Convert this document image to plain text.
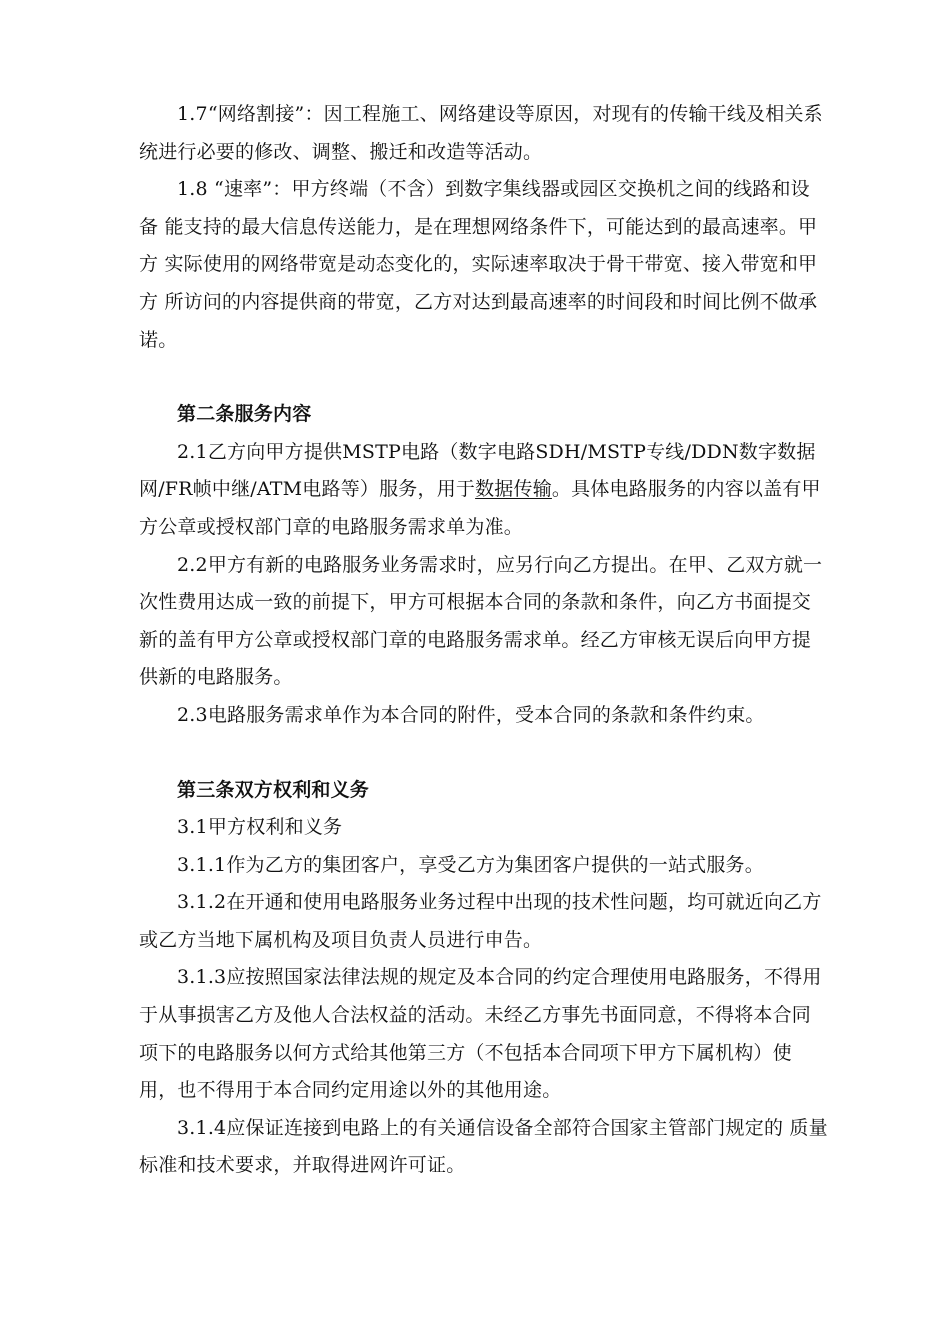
1.7“网络割接”：因工程施工、网络建设等原因，对现有的传输干线及相关系统进行必要的修改、调整、搬迁和改造等活动。

1.8 “速率”：甲方终端（不含）到数字集线器或园区交换机之间的线路和设备 能支持的最大信息传送能力，是在理想网络条件下，可能达到的最高速率。甲方 实际使用的网络带宽是动态变化的，实际速率取决于骨干带宽、接入带宽和甲方 所访问的内容提供商的带宽，乙方对达到最高速率的时间段和时间比例不做承诺。

第二条服务内容

2.1乙方向甲方提供MSTP电路（数字电路SDH/MSTP专线/DDN数字数据网/FR帧中继/ATM电路等）服务，用于数据传输。具体电路服务的内容以盖有甲方公章或授权部门章的电路服务需求单为准。

2.2甲方有新的电路服务业务需求时，应另行向乙方提出。在甲、乙双方就一次性费用达成一致的前提下，甲方可根据本合同的条款和条件，向乙方书面提交新的盖有甲方公章或授权部门章的电路服务需求单。经乙方审核无误后向甲方提供新的电路服务。

2.3电路服务需求单作为本合同的附件，受本合同的条款和条件约束。

第三条双方权利和义务

3.1甲方权利和义务

3.1.1作为乙方的集团客户，享受乙方为集团客户提供的一站式服务。

3.1.2在开通和使用电路服务业务过程中出现的技术性问题，均可就近向乙方或乙方当地下属机构及项目负责人员进行申告。

3.1.3应按照国家法律法规的规定及本合同的约定合理使用电路服务，不得用于从事损害乙方及他人合法权益的活动。未经乙方事先书面同意，不得将本合同项下的电路服务以何方式给其他第三方（不包括本合同项下甲方下属机构）使用，也不得用于本合同约定用途以外的其他用途。

3.1.4应保证连接到电路上的有关通信设备全部符合国家主管部门规定的 质量标准和技术要求，并取得进网许可证。
